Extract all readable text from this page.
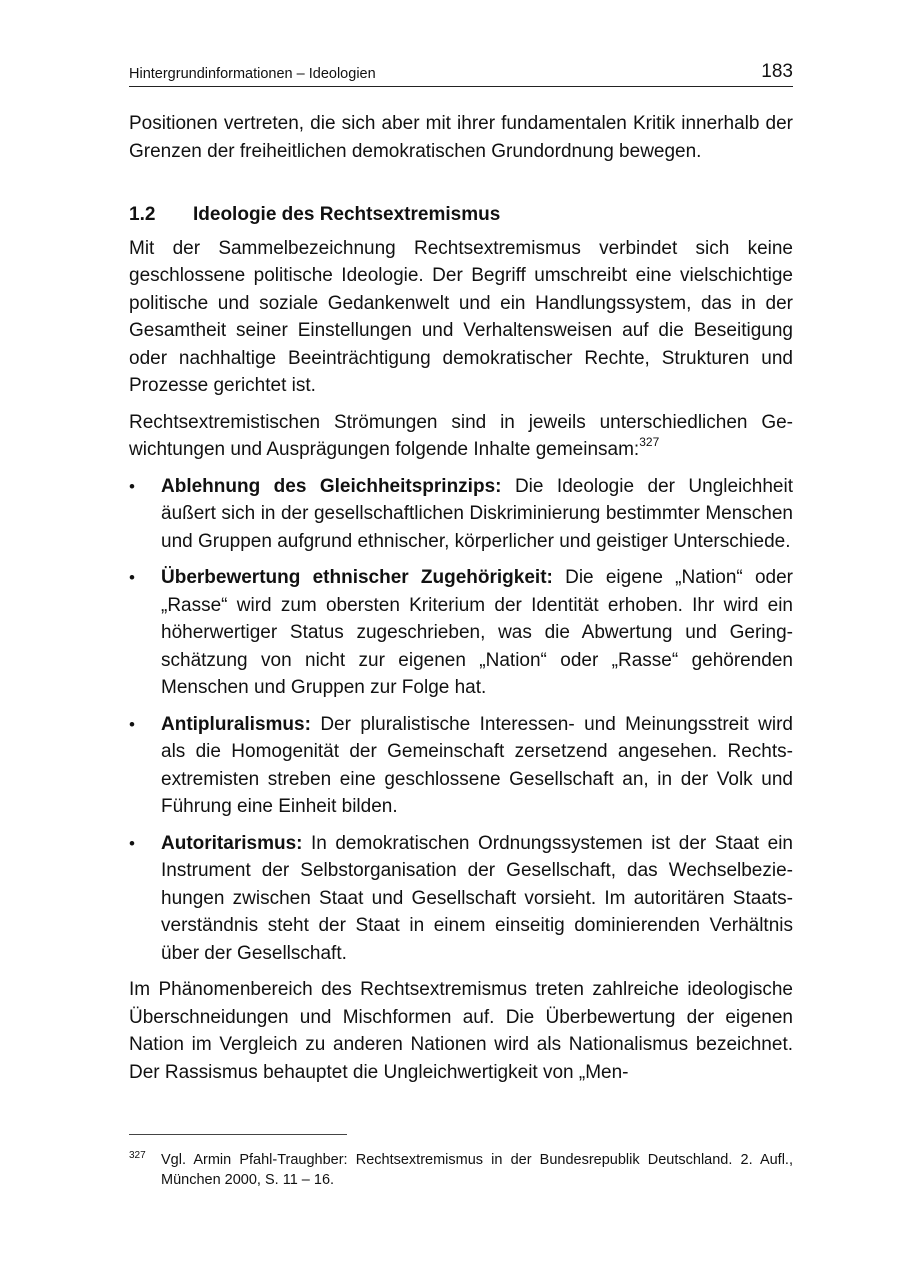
Hintergrundinformationen – Ideologien	183

Positionen vertreten, die sich aber mit ihrer fundamentalen Kritik innerhalb der Grenzen der freiheitlichen demokratischen Grundordnung bewegen.

1.2 Ideologie des Rechtsextremismus

Mit der Sammelbezeichnung Rechtsextremismus verbindet sich keine geschlossene politische Ideologie. Der Begriff umschreibt eine vielschichtige politische und soziale Gedankenwelt und ein Handlungssystem, das in der Gesamtheit seiner Einstellungen und Verhaltensweisen auf die Beseitigung oder nachhaltige Beeinträchtigung demokratischer Rechte, Strukturen und Prozesse gerichtet ist.

Rechtsextremistischen Strömungen sind in jeweils unterschiedlichen Gewichtungen und Ausprägungen folgende Inhalte gemeinsam:$^{327}$

•	Ablehnung des Gleichheitsprinzips: Die Ideologie der Ungleichheit äußert sich in der gesellschaftlichen Diskriminierung bestimmter Menschen und Gruppen aufgrund ethnischer, körperlicher und geistiger Unterschiede.
•	Überbewertung ethnischer Zugehörigkeit: Die eigene „Nation“ oder „Rasse“ wird zum obersten Kriterium der Identität erhoben. Ihr wird ein höherwertiger Status zugeschrieben, was die Abwertung und Geringschätzung von nicht zur eigenen „Nation“ oder „Rasse“ gehörenden Menschen und Gruppen zur Folge hat.
•	Antipluralismus: Der pluralistische Interessen- und Meinungsstreit wird als die Homogenität der Gemeinschaft zersetzend angesehen. Rechtsextremisten streben eine geschlossene Gesellschaft an, in der Volk und Führung eine Einheit bilden.
•	Autoritarismus: In demokratischen Ordnungssystemen ist der Staat ein Instrument der Selbstorganisation der Gesellschaft, das Wechselbeziehungen zwischen Staat und Gesellschaft vorsieht. Im autoritären Staatsverständnis steht der Staat in einem einseitig dominierenden Verhältnis über der Gesellschaft.

Im Phänomenbereich des Rechtsextremismus treten zahlreiche ideologische Überschneidungen und Mischformen auf. Die Überbewertung der eigenen Nation im Vergleich zu anderen Nationen wird als Nationalismus bezeichnet. Der Rassismus behauptet die Ungleichwertigkeit von „Men-

327 Vgl. Armin Pfahl-Traughber: Rechtsextremismus in der Bundesrepublik Deutschland. 2. Aufl., München 2000, S. 11 – 16.
